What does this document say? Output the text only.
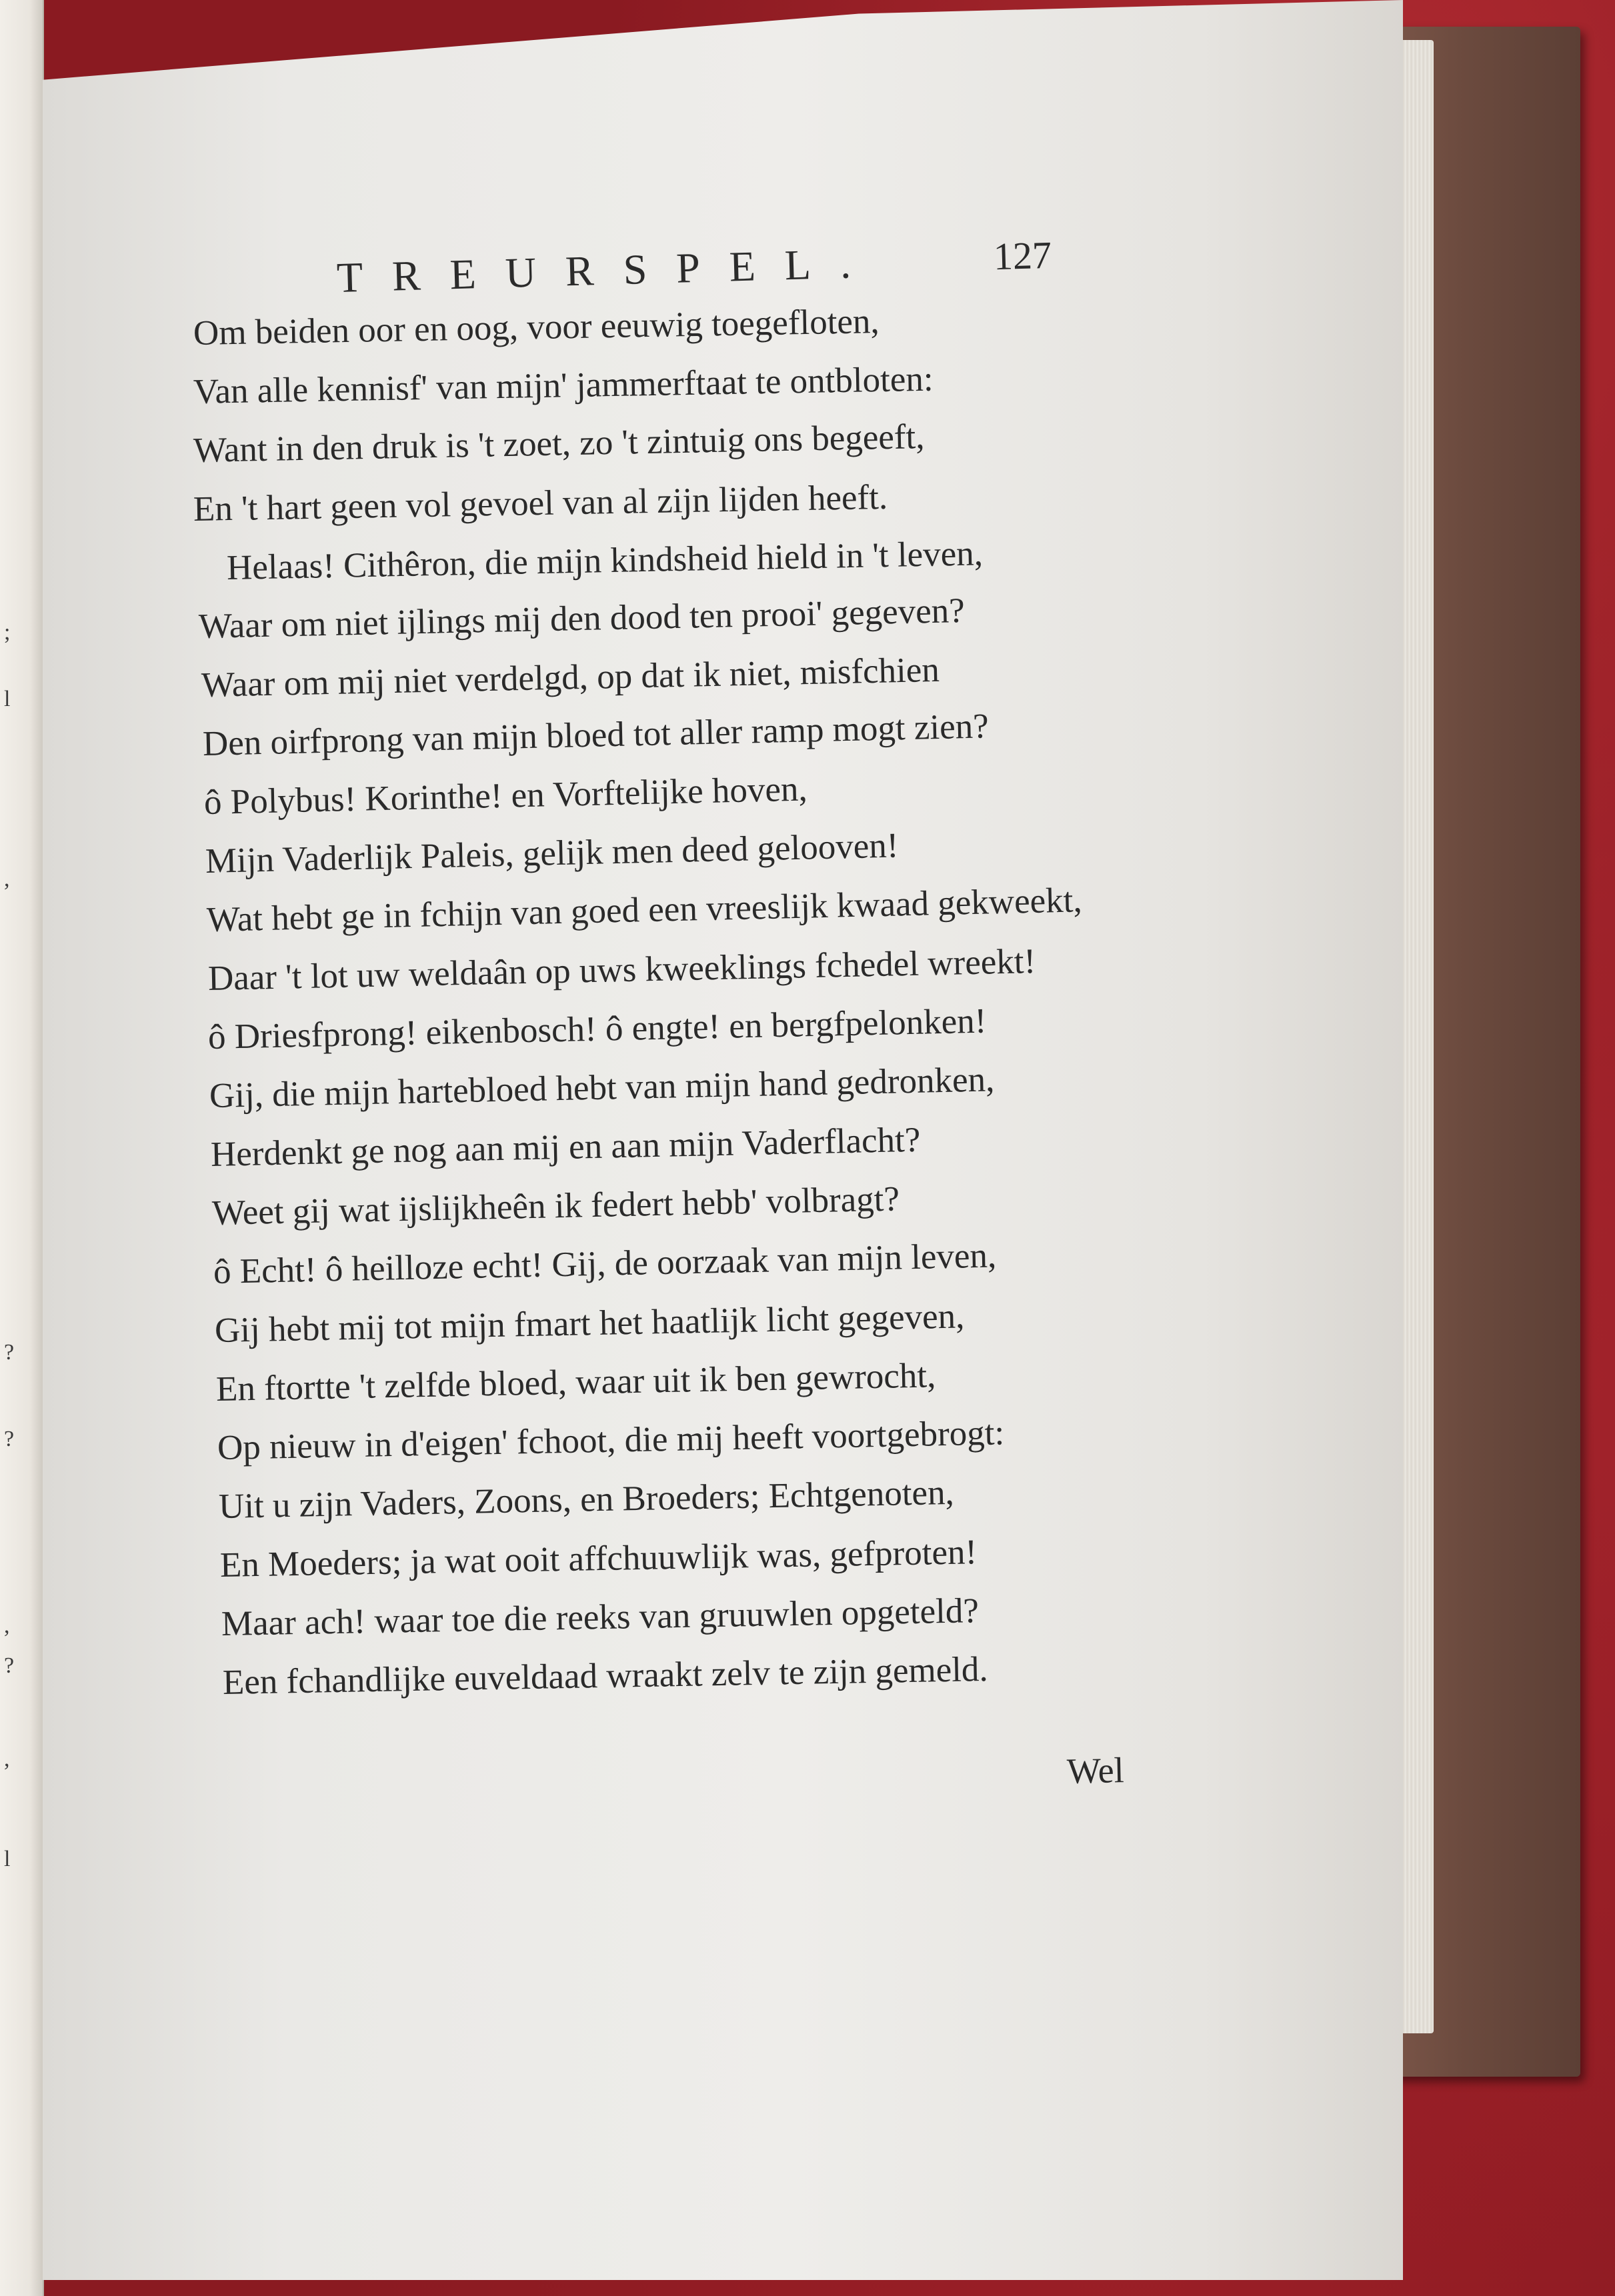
;
l
,
?
?
,
?
,
l
TREURSPEL.	127
Om beiden oor en oog, voor eeuwig toegefloten,
Van alle kennisf' van mijn' jammerftaat te ontbloten:
Want in den druk is 't zoet, zo 't zintuig ons begeeft,
En 't hart geen vol gevoel van al zijn lijden heeft.
Helaas! Cithêron, die mijn kindsheid hield in 't leven,
Waar om niet ijlings mij den dood ten prooi' gegeven?
Waar om mij niet verdelgd, op dat ik niet, misfchien
Den oirfprong van mijn bloed tot aller ramp mogt zien?
ô Polybus! Korinthe! en Vorftelijke hoven,
Mijn Vaderlijk Paleis, gelijk men deed gelooven!
Wat hebt ge in fchijn van goed een vreeslijk kwaad gekweekt,
Daar 't lot uw weldaân op uws kweeklings fchedel wreekt!
ô Driesfprong! eikenbosch! ô engte! en bergfpelonken!
Gij, die mijn hartebloed hebt van mijn hand gedronken,
Herdenkt ge nog aan mij en aan mijn Vaderflacht?
Weet gij wat ijslijkheên ik federt hebb' volbragt?
ô Echt! ô heilloze echt! Gij, de oorzaak van mijn leven,
Gij hebt mij tot mijn fmart het haatlijk licht gegeven,
En ftortte 't zelfde bloed, waar uit ik ben gewrocht,
Op nieuw in d'eigen' fchoot, die mij heeft voortgebrogt:
Uit u zijn Vaders, Zoons, en Broeders; Echtgenoten,
En Moeders; ja wat ooit affchuuwlijk was, gefproten!
Maar ach! waar toe die reeks van gruuwlen opgeteld?
Een fchandlijke euveldaad wraakt zelv te zijn gemeld.
Wel
